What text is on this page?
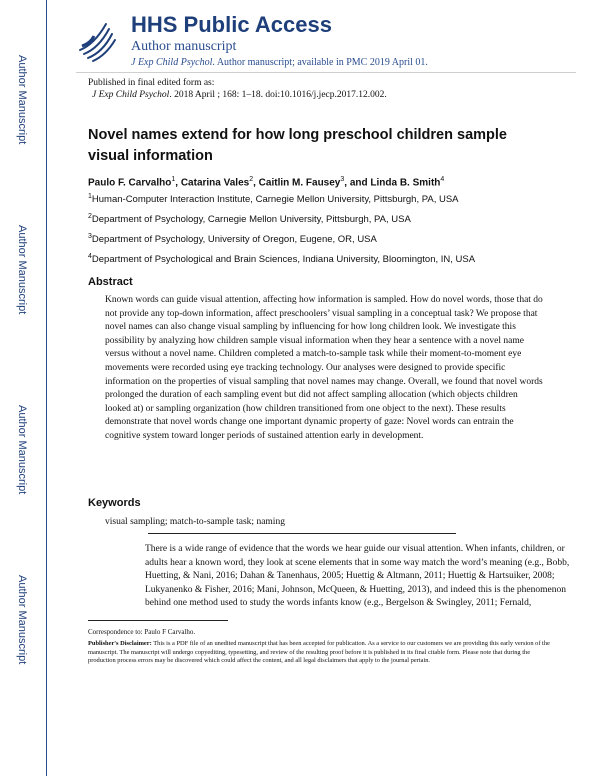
Author Manuscript
Author Manuscript
Author Manuscript
Author Manuscript
HHS Public Access
Author manuscript
J Exp Child Psychol. Author manuscript; available in PMC 2019 April 01.
Published in final edited form as:
J Exp Child Psychol. 2018 April ; 168: 1–18. doi:10.1016/j.jecp.2017.12.002.
Novel names extend for how long preschool children sample visual information
Paulo F. Carvalho$^1$, Catarina Vales$^2$, Caitlin M. Fausey$^3$, and Linda B. Smith$^4$
$^1$Human-Computer Interaction Institute, Carnegie Mellon University, Pittsburgh, PA, USA
$^2$Department of Psychology, Carnegie Mellon University, Pittsburgh, PA, USA
$^3$Department of Psychology, University of Oregon, Eugene, OR, USA
$^4$Department of Psychological and Brain Sciences, Indiana University, Bloomington, IN, USA
Abstract
Known words can guide visual attention, affecting how information is sampled. How do novel words, those that do not provide any top-down information, affect preschoolers’ visual sampling in a conceptual task? We propose that novel names can also change visual sampling by influencing for how long children look. We investigate this possibility by analyzing how children sample visual information when they hear a sentence with a novel name versus without a novel name. Children completed a match-to-sample task while their moment-to-moment eye movements were recorded using eye tracking technology. Our analyses were designed to provide specific information on the properties of visual sampling that novel names may change. Overall, we found that novel words prolonged the duration of each sampling event but did not affect sampling allocation (which objects children looked at) or sampling organization (how children transitioned from one object to the next). These results demonstrate that novel words change one important dynamic property of gaze: Novel words can entrain the cognitive system toward longer periods of sustained attention early in development.
Keywords
visual sampling; match-to-sample task; naming
There is a wide range of evidence that the words we hear guide our visual attention. When infants, children, or adults hear a known word, they look at scene elements that in some way match the word’s meaning (e.g., Bobb, Huetting, & Nani, 2016; Dahan & Tanenhaus, 2005; Huettig & Altmann, 2011; Huettig & Hartsuiker, 2008; Lukyanenko & Fisher, 2016; Mani, Johnson, McQueen, & Huetting, 2013), and indeed this is the phenomenon behind one method used to study the words infants know (e.g., Bergelson & Swingley, 2011; Fernald,
Correspondence to: Paulo F Carvalho.
Publisher's Disclaimer: This is a PDF file of an unedited manuscript that has been accepted for publication. As a service to our customers we are providing this early version of the manuscript. The manuscript will undergo copyediting, typesetting, and review of the resulting proof before it is published in its final citable form. Please note that during the production process errors may be discovered which could affect the content, and all legal disclaimers that apply to the journal pertain.
